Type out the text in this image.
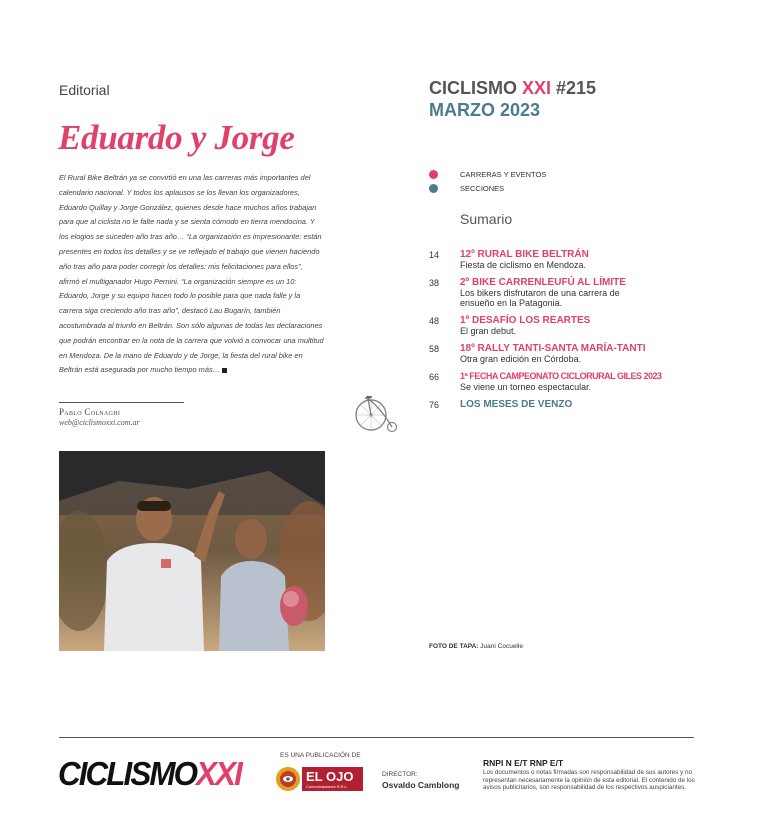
Editorial
Eduardo y Jorge

El Rural Bike Beltrán ya se convirtió en una las carreras más importantes del calendario nacional. Y todos los aplausos se los llevan los organizadores, Eduardo Quillay y Jorge González, quienes desde hace muchos años trabajan para que al ciclista no le falte nada y se sienta cómodo en tierra mendocina. Y los elogios se suceden año tras año… “La organización es impresionante: están presentes en todos los detalles y se ve reflejado el trabajo que vienen haciendo año tras año para poder corregir los detalles: mis felicitaciones para ellos”, afirmó el multiganador Hugo Pernini. “La organización siempre es un 10: Eduardo, Jorge y su equipo hacen todo lo posible para que nada falle y la carrera siga creciendo año tras año”, destacó Lau Bugarín, también acostumbrada al triunfo en Beltrán. Son sólo algunas de todas las declaraciones que podrán encontrar en la nota de la carrera que volvió a convocar una multitud en Mendoza. De la mano de Eduardo y de Jorge, la fiesta del rural bike en Beltrán está asegurada por mucho tiempo más…

Pablo Colnaghi
web@ciclismoxxi.com.ar
CICLISMO XXI #215
MARZO 2023
CARRERAS Y EVENTOS
SECCIONES
Sumario
14	12º RURAL BIKE BELTRÁN
Fiesta de ciclismo en Mendoza.
38	2º BIKE CARRENLEUFÚ AL LÍMITE
Los bikers disfrutaron de una carrera de ensueño en la Patagonia.
48	1º DESAFÍO LOS REARTES
El gran debut.
58	18º RALLY TANTI-SANTA MARÍA-TANTI
Otra gran edición en Córdoba.
66	1ª FECHA CAMPEONATO CICLORURAL GILES 2023
Se viene un torneo espectacular.
76	LOS MESES DE VENZO
FOTO DE TAPA: Juani Cocuelle
CICLISMOXXI	ES UNA PUBLICACIÓN DE
EL OJO
Comunicaciones S.R.L.
DIRECTOR:
Osvaldo Camblong
RNPI N E/T RNP E/T
Los documentos o notas firmadas son responsabilidad de sus autores y no representan necesariamente la opinión de esta editorial. El contenido de los avisos publicitarios, son responsabilidad de los respectivos auspiciantes.
